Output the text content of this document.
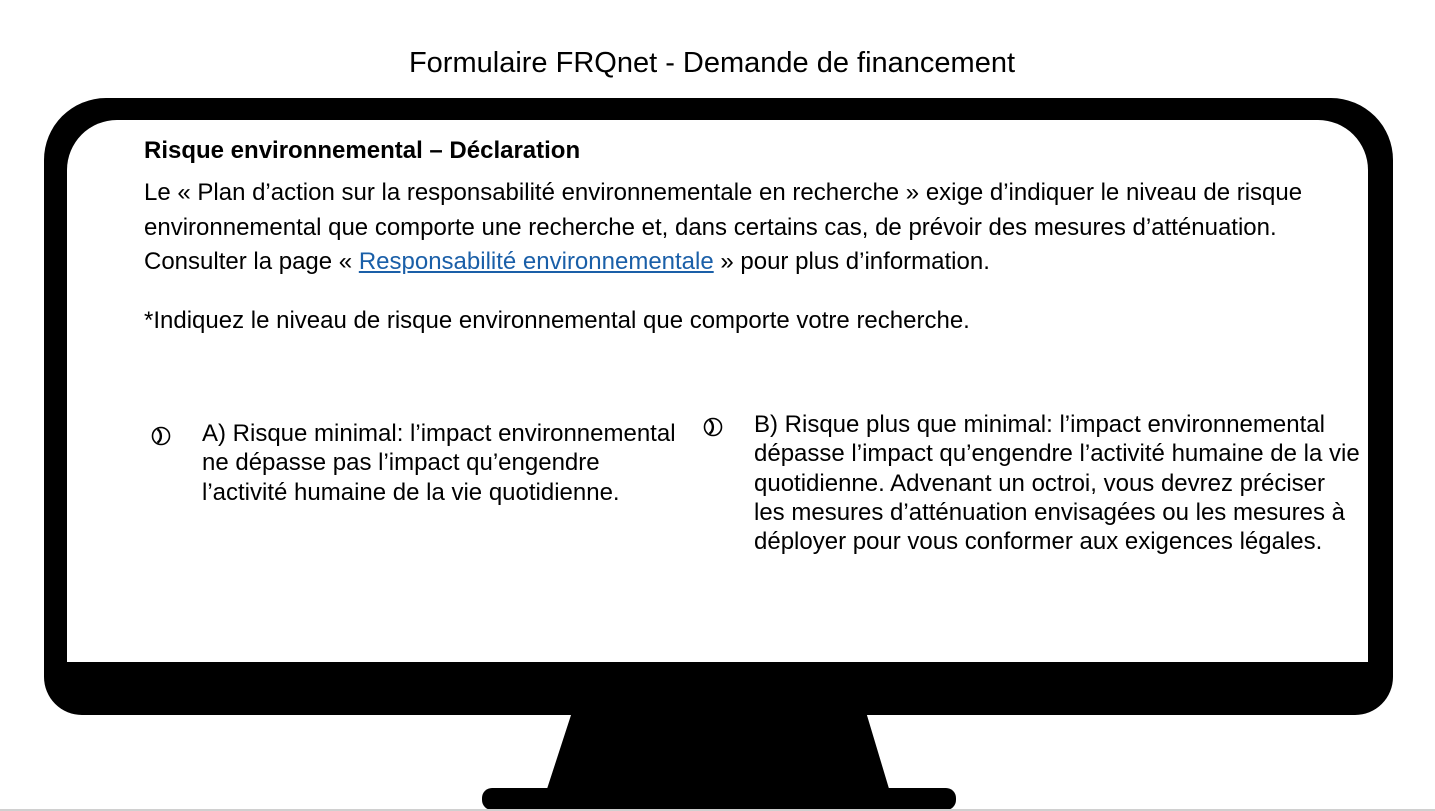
Formulaire FRQnet - Demande de financement

Risque environnemental – Déclaration

Le « Plan d’action sur la responsabilité environnementale en recherche » exige d’indiquer le niveau de risque environnemental que comporte une recherche et, dans certains cas, de prévoir des mesures d’atténuation. Consulter la page « Responsabilité environnementale » pour plus d’information.

*Indiquez le niveau de risque environnemental que comporte votre recherche.

A) Risque minimal: l’impact environnemental ne dépasse pas l’impact qu’engendre l’activité humaine de la vie quotidienne.
B) Risque plus que minimal: l’impact environnemental dépasse l’impact qu’engendre l’activité humaine de la vie quotidienne. Advenant un octroi, vous devrez préciser les mesures d’atténuation envisagées ou les mesures à déployer pour vous conformer aux exigences légales.
